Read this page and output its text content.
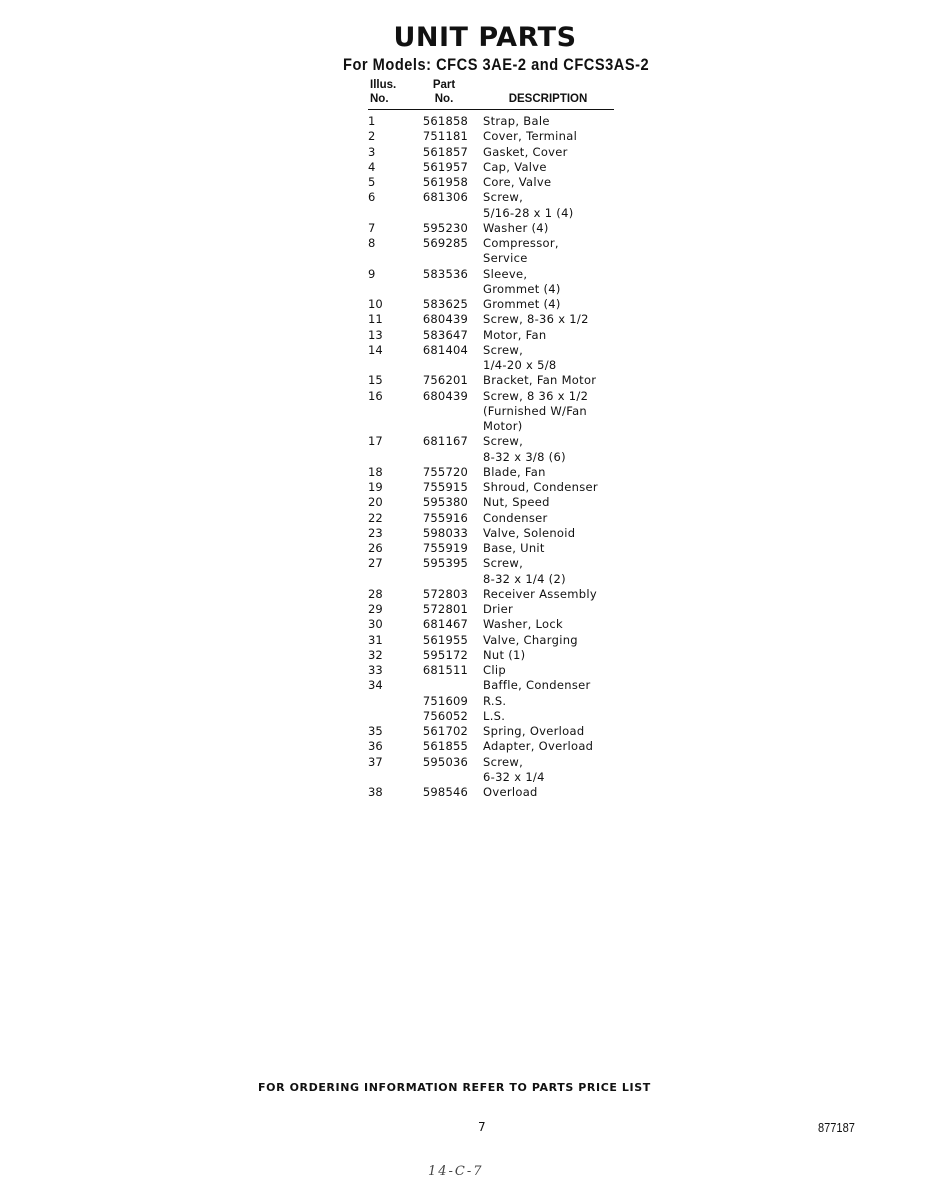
UNIT PARTS
For Models: CFCS 3AE-2 and CFCS3AS-2
Illus.
No.
Part
No.	DESCRIPTION
1	561858 Strap, Bale
2	751181 Cover, Terminal
3	561857 Gasket, Cover
4	561957 Cap, Valve
5	561958 Core, Valve
6	681306 Screw,
5/16-28 x 1 (4)
7	595230 Washer (4)
8	569285 Compressor,
Service
9	583536 Sleeve,
Grommet (4)
10	583625 Grommet (4)
11	680439 Screw, 8-36 x 1/2
13	583647 Motor, Fan
14	681404 Screw,
1/4-20 x 5/8
15	756201 Bracket, Fan Motor
16	680439 Screw, 8 36 x 1/2
(Furnished W/Fan
Motor)
17	681167 Screw,
8-32 x 3/8 (6)
18	755720 Blade, Fan
19	755915 Shroud, Condenser
20	595380 Nut, Speed
22	755916 Condenser
23	598033 Valve, Solenoid
26	755919 Base, Unit
27	595395 Screw,
8-32 x 1/4 (2)
28	572803 Receiver Assembly
29	572801 Drier
30	681467 Washer, Lock
31	561955 Valve, Charging
32	595172 Nut (1)
33	681511 Clip
34	Baffle, Condenser
751609 R.S.
756052 L.S.
35	561702 Spring, Overload
36	561855 Adapter, Overload
37	595036 Screw,
6-32 x 1/4
38	598546 Overload
FOR ORDERING INFORMATION REFER TO PARTS PRICE LIST
7	877187
14-C-7
